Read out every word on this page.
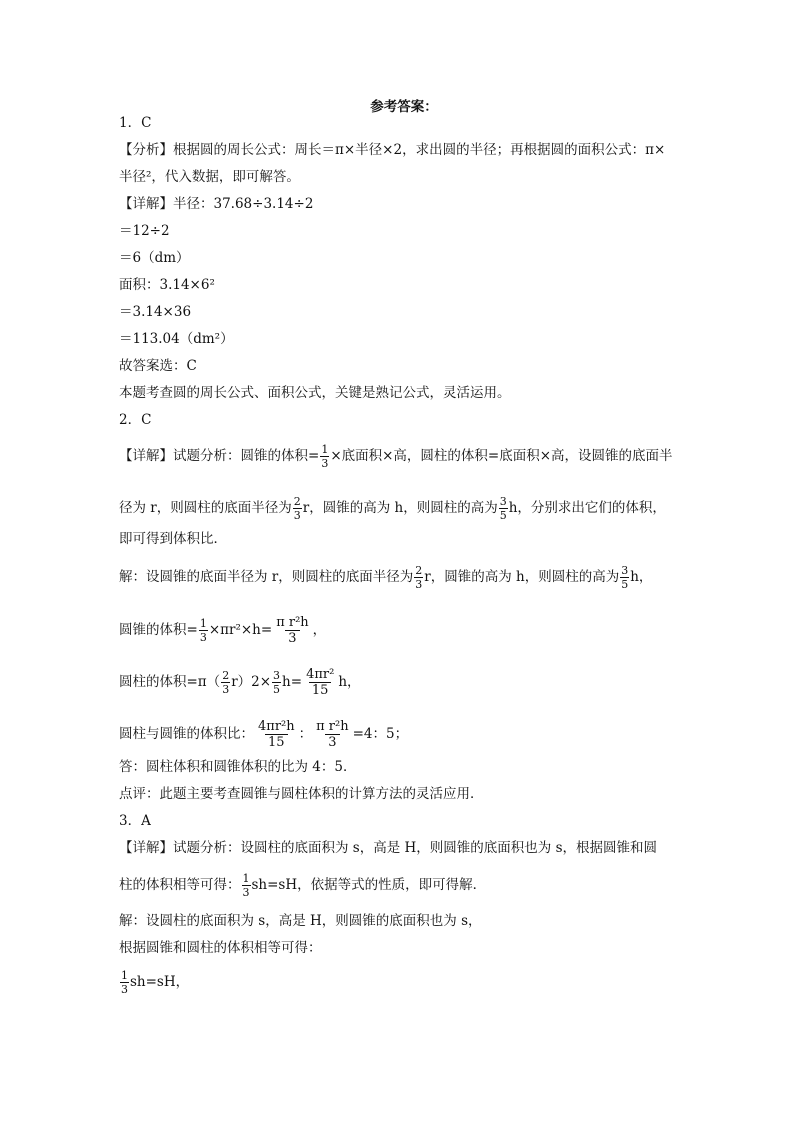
参考答案：
1．C
【分析】根据圆的周长公式：周长＝π×半径×2，求出圆的半径；再根据圆的面积公式：π×
半径²，代入数据，即可解答。
【详解】半径：37.68÷3.14÷2
＝12÷2
＝6（dm）
面积：3.14×6²
＝3.14×36
＝113.04（dm²）
故答案选：C
本题考查圆的周长公式、面积公式，关键是熟记公式，灵活运用。
2．C
【详解】试题分析：圆锥的体积= $\frac{1}{3}$ ×底面积×高，圆柱的体积=底面积×高，设圆锥的底面半
径为 r，则圆柱的底面半径为 $\frac{2}{3}$ r，圆锥的高为 h，则圆柱的高为 $\frac{3}{5}$ h，分别求出它们的体积，
即可得到体积比．
解：设圆锥的底面半径为 r，则圆柱的底面半径为 $\frac{2}{3}$ r，圆锥的高为 h，则圆柱的高为 $\frac{3}{5}$ h，
圆锥的体积= $\frac{1}{3} \times\pi r^2\times h= \frac{\text{π r²h}}{3}$ ，
圆柱的体积$=\pi( \frac{2}{3} r)2\times \frac{3}{5} h= \frac{\text{4πr²}}{15}$ h，
圆柱与圆锥的体积比： $\frac{\text{4πr²h}}{15}$ ： $\frac{\text{π r²h}}{3} =4$：5；
答：圆柱体积和圆锥体积的比为 4：5．
点评：此题主要考查圆锥与圆柱体积的计算方法的灵活应用．
3．A
【详解】试题分析：设圆柱的底面积为 s，高是 H，则圆锥的底面积也为 s，根据圆锥和圆
柱的体积相等可得： $\frac{1}{3} sh=sH$，依据等式的性质，即可得解．
解：设圆柱的底面积为 s，高是 H，则圆锥的底面积也为 s，
根据圆锥和圆柱的体积相等可得：
$\frac{1}{3} sh=sH$，
